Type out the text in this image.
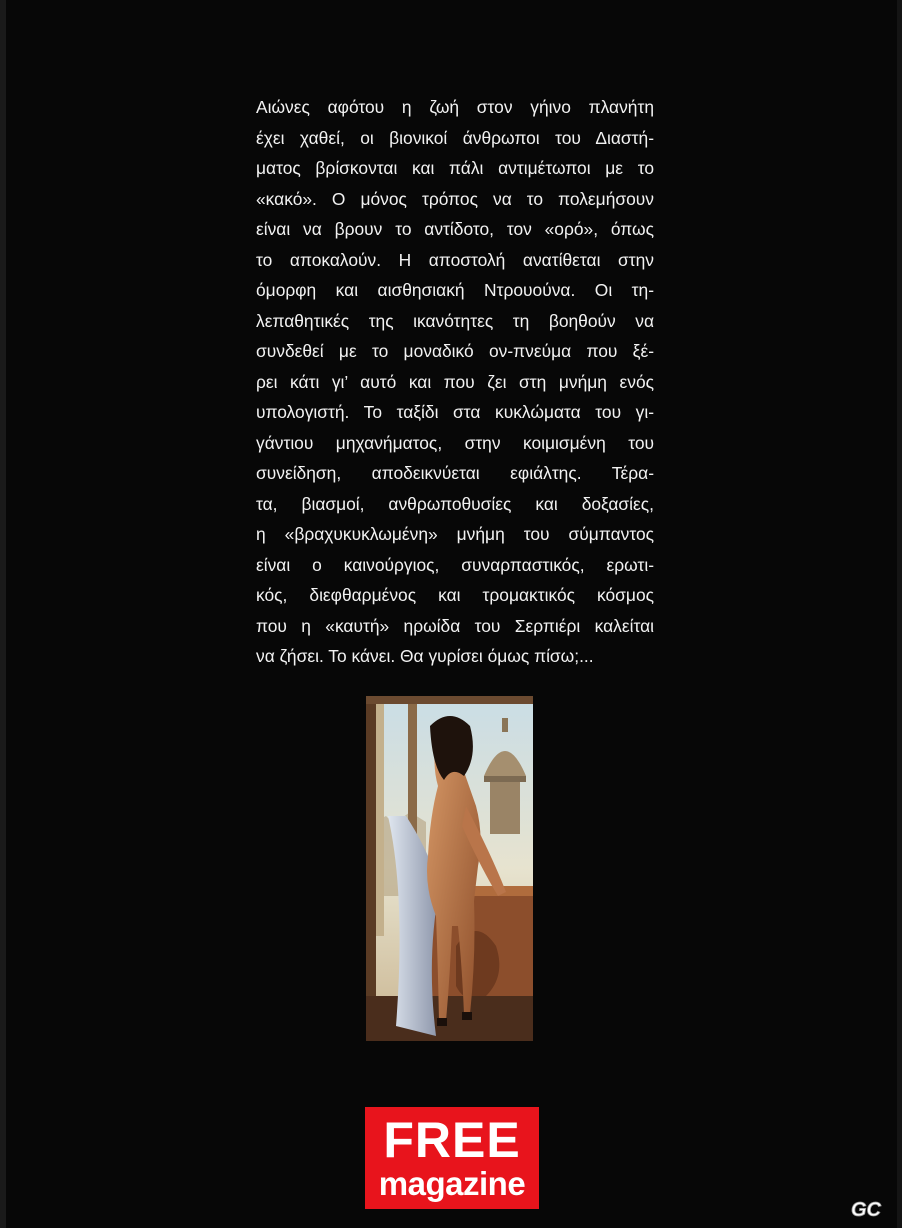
Αιώνες αφότου η ζωή στον γήινο πλανήτη
έχει χαθεί, οι βιονικοί άνθρωποι του Διαστή-
ματος βρίσκονται και πάλι αντιμέτωποι με το
«κακό». Ο μόνος τρόπος να το πολεμήσουν
είναι να βρουν το αντίδοτο, τον «ορό», όπως
το αποκαλούν. Η αποστολή ανατίθεται στην
όμορφη και αισθησιακή Ντρουούνα. Οι τη-
λεπαθητικές της ικανότητες τη βοηθούν να
συνδεθεί με το μοναδικό ον-πνεύμα που ξέ-
ρει κάτι γι’ αυτό και που ζει στη μνήμη ενός
υπολογιστή. Το ταξίδι στα κυκλώματα του γι-
γάντιου μηχανήματος, στην κοιμισμένη του
συνείδηση, αποδεικνύεται εφιάλτης. Τέρα-
τα, βιασμοί, ανθρωποθυσίες και δοξασίες,
η «βραχυκυκλωμένη» μνήμη του σύμπαντος
είναι ο καινούργιος, συναρπαστικός, ερωτι-
κός, διεφθαρμένος και τρομακτικός κόσμος
που η «καυτή» ηρωίδα του Σερπιέρι καλείται
να ζήσει. Το κάνει. Θα γυρίσει όμως πίσω;...
FREE
magazine
GC
